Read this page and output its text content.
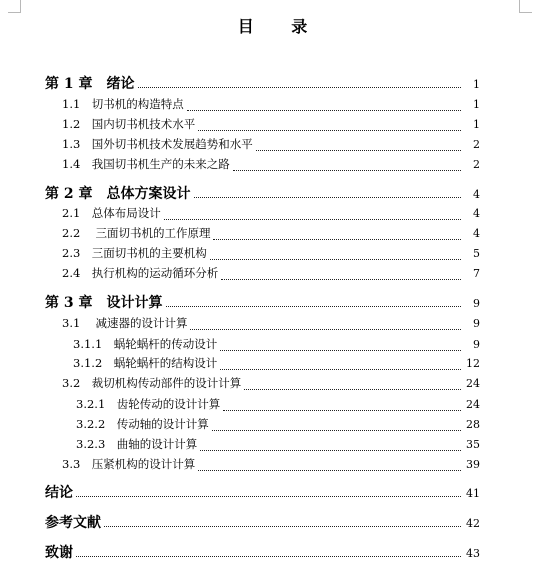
目 录
第 1 章　绪论	1
1.1　切书机的构造特点	1
1.2　国内切书机技术水平	1
1.3　国外切书机技术发展趋势和水平	2
1.4　我国切书机生产的未来之路	2
第 2 章　总体方案设计	4
2.1　总体布局设计	4
2.2　 三面切书机的工作原理	4
2.3　三面切书机的主要机构	5
2.4　执行机构的运动循环分析	7
第 3 章　设计计算	9
3.1　 减速器的设计计算	9
3.1.1　蜗轮蜗杆的传动设计	9
3.1.2　蜗轮蜗杆的结构设计	12
3.2　裁切机构传动部件的设计计算	24
3.2.1　齿轮传动的设计计算	24
3.2.2　传动轴的设计计算	28
3.2.3　曲轴的设计计算	35
3.3　压紧机构的设计计算	39
结论	41
参考文献	42
致谢	43
